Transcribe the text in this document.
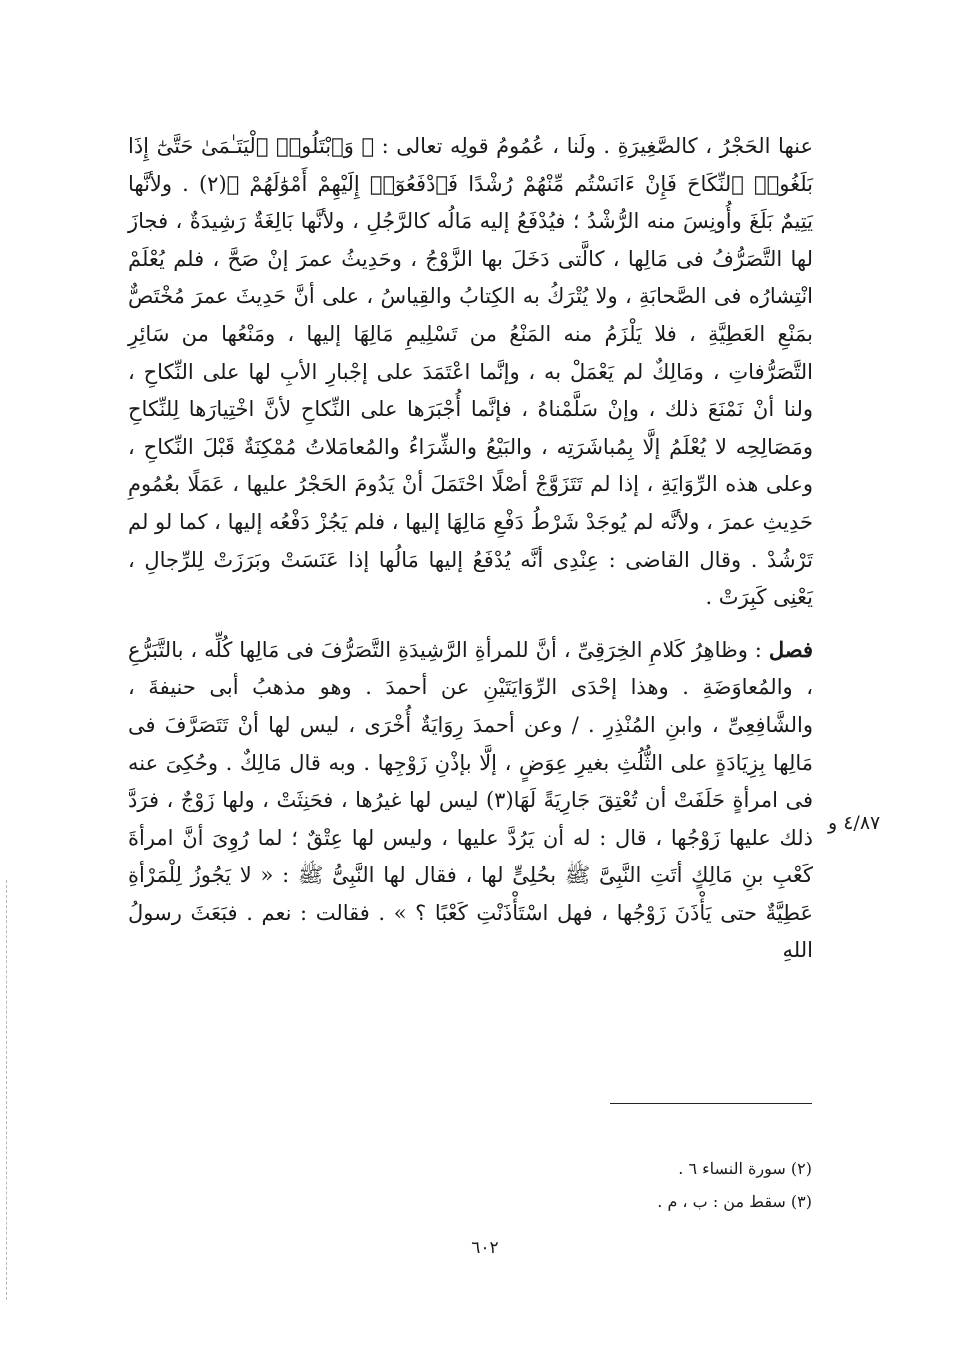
عنها الحَجْرُ ، كالصَّغِيرَةِ . ولَنا ، عُمُومُ قولِه تعالى : ﴿ وَٱبْتَلُوا۟ ٱلْيَتَـٰمَىٰ حَتَّىٰٓ إِذَا بَلَغُوا۟ ٱلنِّكَاحَ فَإِنْ ءَانَسْتُم مِّنْهُمْ رُشْدًا فَٱدْفَعُوٓا۟ إِلَيْهِمْ أَمْوَٰلَهُمْ ﴾(٢) . ولأنَّها يَتِيمٌ بَلَغَ وأُونِسَ منه الرُّشْدُ ؛ فيُدْفَعُ إليه مَالُه كالرَّجُلِ ، ولأنَّها بَالِغَةٌ رَشِيدَةٌ ، فجازَ لها التَّصَرُّفُ فى مَالِها ، كالَّتى دَخَلَ بها الزَّوْجُ ، وحَدِيثُ عمرَ إنْ صَحَّ ، فلم يُعْلَمْ انْتِشارُه فى الصَّحابَةِ ، ولا يُتْرَكُ به الكِتابُ والقِياسُ ، على أنَّ حَدِيثَ عمرَ مُخْتَصٌّ بمَنْعِ العَطِيَّةِ ، فلا يَلْزَمُ منه المَنْعُ من تَسْلِيمِ مَالِهَا إليها ، ومَنْعُها من سَائِرِ التَّصَرُّفاتِ ، ومَالِكٌ لم يَعْمَلْ به ، وإنَّما اعْتَمَدَ على إجْبارِ الأبِ لها على النِّكاحِ ، ولنا أنْ نَمْنَعَ ذلك ، وإنْ سَلَّمْناهُ ، فإنَّما أُجْبَرَها على النِّكاحِ لأنَّ اخْتِيارَها لِلنِّكاحِ ومَصَالِحِه لا يُعْلَمُ إلَّا بِمُباشَرَتِه ، والبَيْعُ والشِّرَاءُ والمُعامَلاتُ مُمْكِنَةٌ قَبْلَ النِّكاحِ ، وعلى هذه الرِّوَايَةِ ، إذا لم تَتَزَوَّجْ أصْلًا احْتَمَلَ أنْ يَدُومَ الحَجْرُ عليها ، عَمَلًا بعُمُومِ حَدِيثِ عمرَ ، ولأنَّه لم يُوجَدْ شَرْطُ دَفْعِ مَالِهَا إليها ، فلم يَجُزْ دَفْعُه إليها ، كما لو لم تَرْشُدْ . وقال القاضى : عِنْدِى أنَّه يُدْفَعُ إليها مَالُها إذا عَنَسَتْ وبَرَزَتْ لِلرِّجالِ ، يَعْنِى كَبِرَتْ .

فصل : وظاهِرُ كَلامِ الخِرَقِىِّ ، أنَّ للمرأةِ الرَّشِيدَةِ التَّصَرُّفَ فى مَالِها كُلِّه ، بالتَّبَرُّعِ ، والمُعاوَضَةِ . وهذا إحْدَى الرِّوَايَتَيْنِ عن أحمدَ . وهو مذهبُ أبى حنيفةَ ، والشَّافِعِىِّ ، وابنِ المُنْذِرِ . / وعن أحمدَ رِوَايَةٌ أُخْرَى ، ليس لها أنْ تَتَصَرَّفَ فى مَالِها بِزِيَادَةٍ على الثُّلُثِ بغيرِ عِوَضٍ ، إلَّا بإذْنِ زَوْجِها . وبه قال مَالِكٌ . وحُكِىَ عنه فى امرأةٍ حَلَفَتْ أن تُعْتِقَ جَارِيَةً لَهَا(٣) ليس لها غيرُها ، فحَنِثَتْ ، ولها زَوْجٌ ، فرَدَّ ذلك عليها زَوْجُها ، قال : له أن يَرُدَّ عليها ، وليس لها عِتْقٌ ؛ لما رُوِىَ أنَّ امرأةَ كَعْبِ بنِ مَالِكٍ أتَتِ النَّبِىَّ ﷺ بحُلِىٍّ لها ، فقال لها النَّبِىُّ ﷺ : « لا يَجُوزُ لِلْمَرْأةِ عَطِيَّةٌ حتى يَأْذَنَ زَوْجُها ، فهل اسْتَأْذَنْتِ كَعْبًا ؟ » . فقالت : نعم . فبَعَثَ رسولُ اللهِ

٤/٨٧ و
(٢) سورة النساء ٦ .
(٣) سقط من : ب ، م .
٦٠٢
